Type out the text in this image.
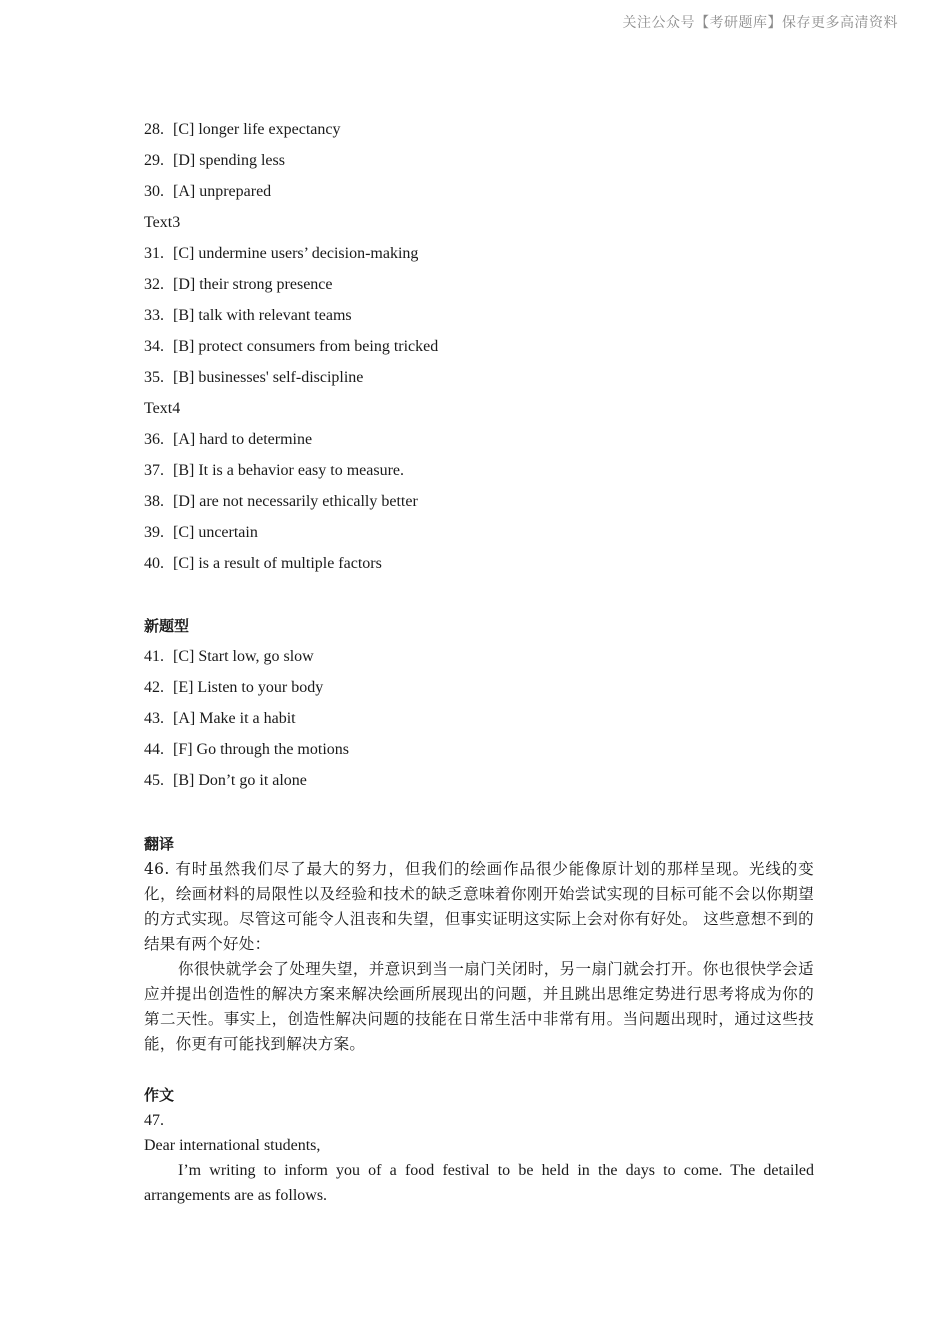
关注公众号【考研题库】保存更多高清资料
28. [C] longer life expectancy
29. [D] spending less
30. [A] unprepared
Text3
31. [C] undermine users’ decision-making
32. [D] their strong presence
33. [B] talk with relevant teams
34. [B] protect consumers from being tricked
35. [B] businesses' self-discipline
Text4
36. [A] hard to determine
37. [B] It is a behavior easy to measure.
38. [D] are not necessarily ethically better
39. [C] uncertain
40. [C] is a result of multiple factors
新题型
41. [C] Start low, go slow
42. [E] Listen to your body
43. [A] Make it a habit
44. [F] Go through the motions
45. [B] Don’t go it alone
翻译
46. 有时虽然我们尽了最大的努力，但我们的绘画作品很少能像原计划的那样呈现。光线的变化，绘画材料的局限性以及经验和技术的缺乏意味着你刚开始尝试实现的目标可能不会以你期望的方式实现。尽管这可能令人沮丧和失望，但事实证明这实际上会对你有好处。 这些意想不到的结果有两个好处：
你很快就学会了处理失望，并意识到当一扇门关闭时，另一扇门就会打开。你也很快学会适应并提出创造性的解决方案来解决绘画所展现出的问题，并且跳出思维定势进行思考将成为你的第二天性。事实上，创造性解决问题的技能在日常生活中非常有用。当问题出现时，通过这些技能，你更有可能找到解决方案。
作文
47.
Dear international students,
I’m writing to inform you of a food festival to be held in the days to come. The detailed arrangements are as follows.
